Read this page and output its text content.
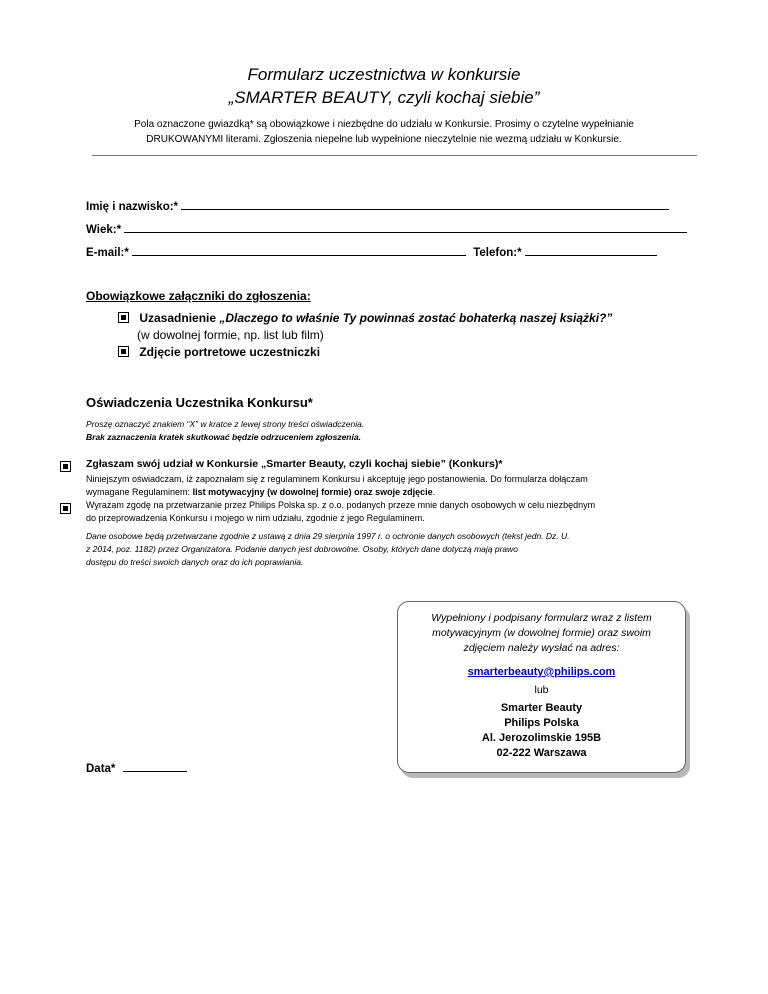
Formularz uczestnictwa w konkursie
„SMARTER BEAUTY, czyli kochaj siebie”
Pola oznaczone gwiazdką* są obowiązkowe i niezbędne do udziału w Konkursie. Prosimy o czytelne wypełnianie
DRUKOWANYMI literami. Zgłoszenia niepełne lub wypełnione nieczytelnie nie wezmą udziału w Konkursie.
Imię i nazwisko:*
Wiek:*
E-mail:*	Telefon:*
Obowiązkowe załączniki do zgłoszenia:
Uzasadnienie „Dlaczego to właśnie Ty powinnaś zostać bohaterką naszej książki?”
(w dowolnej formie, np. list lub film)
Zdjęcie portretowe uczestniczki
Oświadczenia Uczestnika Konkursu*
Proszę oznaczyć znakiem “X” w kratce z lewej strony treści oświadczenia.
Brak zaznaczenia kratek skutkować będzie odrzuceniem zgłoszenia.
Zgłaszam swój udział w Konkursie „Smarter Beauty, czyli kochaj siebie” (Konkurs)*
Niniejszym oświadczam, iż zapoznałam się z regulaminem Konkursu i akceptuję jego postanowienia. Do formularza dołączam
wymagane Regulaminem: list motywacyjny (w dowolnej formie) oraz swoje zdjęcie.
Wyrażam zgodę na przetwarzanie przez Philips Polska sp. z o.o. podanych przeze mnie danych osobowych w celu niezbędnym
do przeprowadzenia Konkursu i mojego w nim udziału, zgodnie z jego Regulaminem.
Dane osobowe będą przetwarzane zgodnie z ustawą z dnia 29 sierpnia 1997 r. o ochronie danych osobowych (tekst jedn. Dz. U.
z 2014, poz. 1182) przez Organizatora. Podanie danych jest dobrowolne. Osoby, których dane dotyczą mają prawo
dostępu do treści swoich danych oraz do ich poprawiania.
Wypełniony i podpisany formularz wraz z listem
motywacyjnym (w dowolnej formie) oraz swoim
zdjęciem należy wysłać na adres:
smarterbeauty@philips.com
lub
Smarter Beauty
Philips Polska
Al. Jerozolimskie 195B
02-222 Warszawa
Data*
